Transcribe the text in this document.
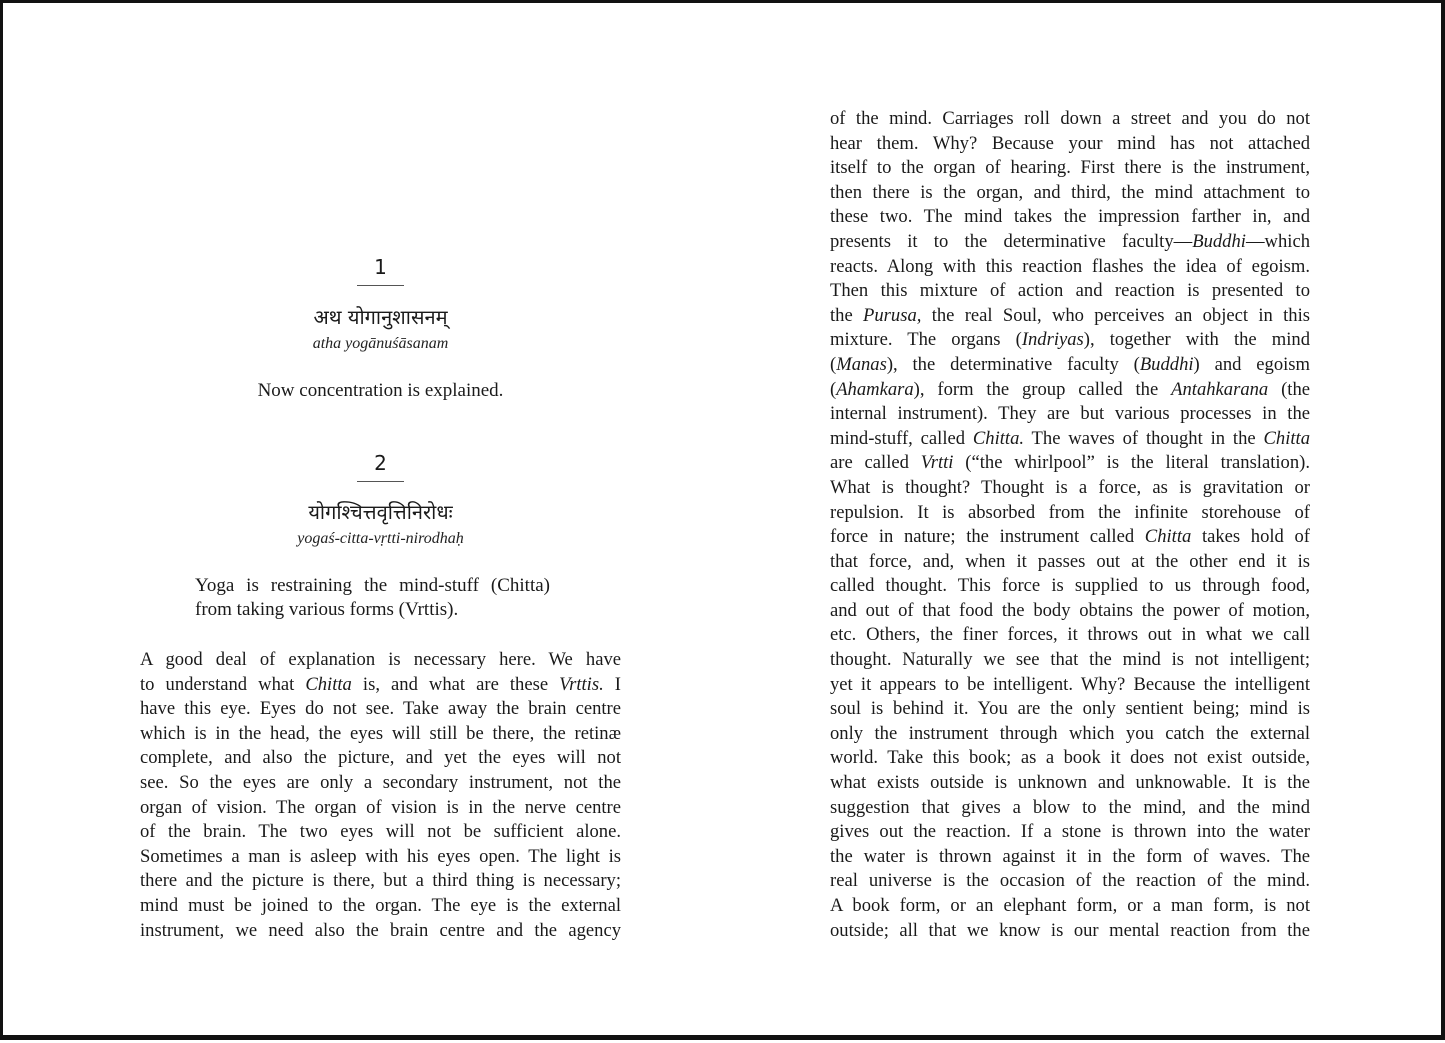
1
अथ योगानुशासनम्
atha yogānuśāsanam
Now concentration is explained.
2
योगश्चित्तवृत्तिनिरोधः
yogaś-citta-vṛtti-nirodhaḥ
Yoga is restraining the mind-stuff (Chitta)
from taking various forms (Vrttis).
A good deal of explanation is necessary here. We have
to understand what Chitta is, and what are these Vrttis. I
have this eye. Eyes do not see. Take away the brain centre
which is in the head, the eyes will still be there, the retinæ
complete, and also the picture, and yet the eyes will not
see. So the eyes are only a secondary instrument, not the
organ of vision. The organ of vision is in the nerve centre
of the brain. The two eyes will not be sufficient alone.
Sometimes a man is asleep with his eyes open. The light is
there and the picture is there, but a third thing is necessary;
mind must be joined to the organ. The eye is the external
instrument, we need also the brain centre and the agency
of the mind. Carriages roll down a street and you do not
hear them. Why? Because your mind has not attached
itself to the organ of hearing. First there is the instrument,
then there is the organ, and third, the mind attachment to
these two. The mind takes the impression farther in, and
presents it to the determinative faculty—Buddhi—which
reacts. Along with this reaction flashes the idea of egoism.
Then this mixture of action and reaction is presented to
the Purusa, the real Soul, who perceives an object in this
mixture. The organs (Indriyas), together with the mind
(Manas), the determinative faculty (Buddhi) and egoism
(Ahamkara), form the group called the Antahkarana (the
internal instrument). They are but various processes in the
mind-stuff, called Chitta. The waves of thought in the Chitta
are called Vrtti (“the whirlpool” is the literal translation).
What is thought? Thought is a force, as is gravitation or
repulsion. It is absorbed from the infinite storehouse of
force in nature; the instrument called Chitta takes hold of
that force, and, when it passes out at the other end it is
called thought. This force is supplied to us through food,
and out of that food the body obtains the power of motion,
etc. Others, the finer forces, it throws out in what we call
thought. Naturally we see that the mind is not intelligent;
yet it appears to be intelligent. Why? Because the intelligent
soul is behind it. You are the only sentient being; mind is
only the instrument through which you catch the external
world. Take this book; as a book it does not exist outside,
what exists outside is unknown and unknowable. It is the
suggestion that gives a blow to the mind, and the mind
gives out the reaction. If a stone is thrown into the water
the water is thrown against it in the form of waves. The
real universe is the occasion of the reaction of the mind.
A book form, or an elephant form, or a man form, is not
outside; all that we know is our mental reaction from the
